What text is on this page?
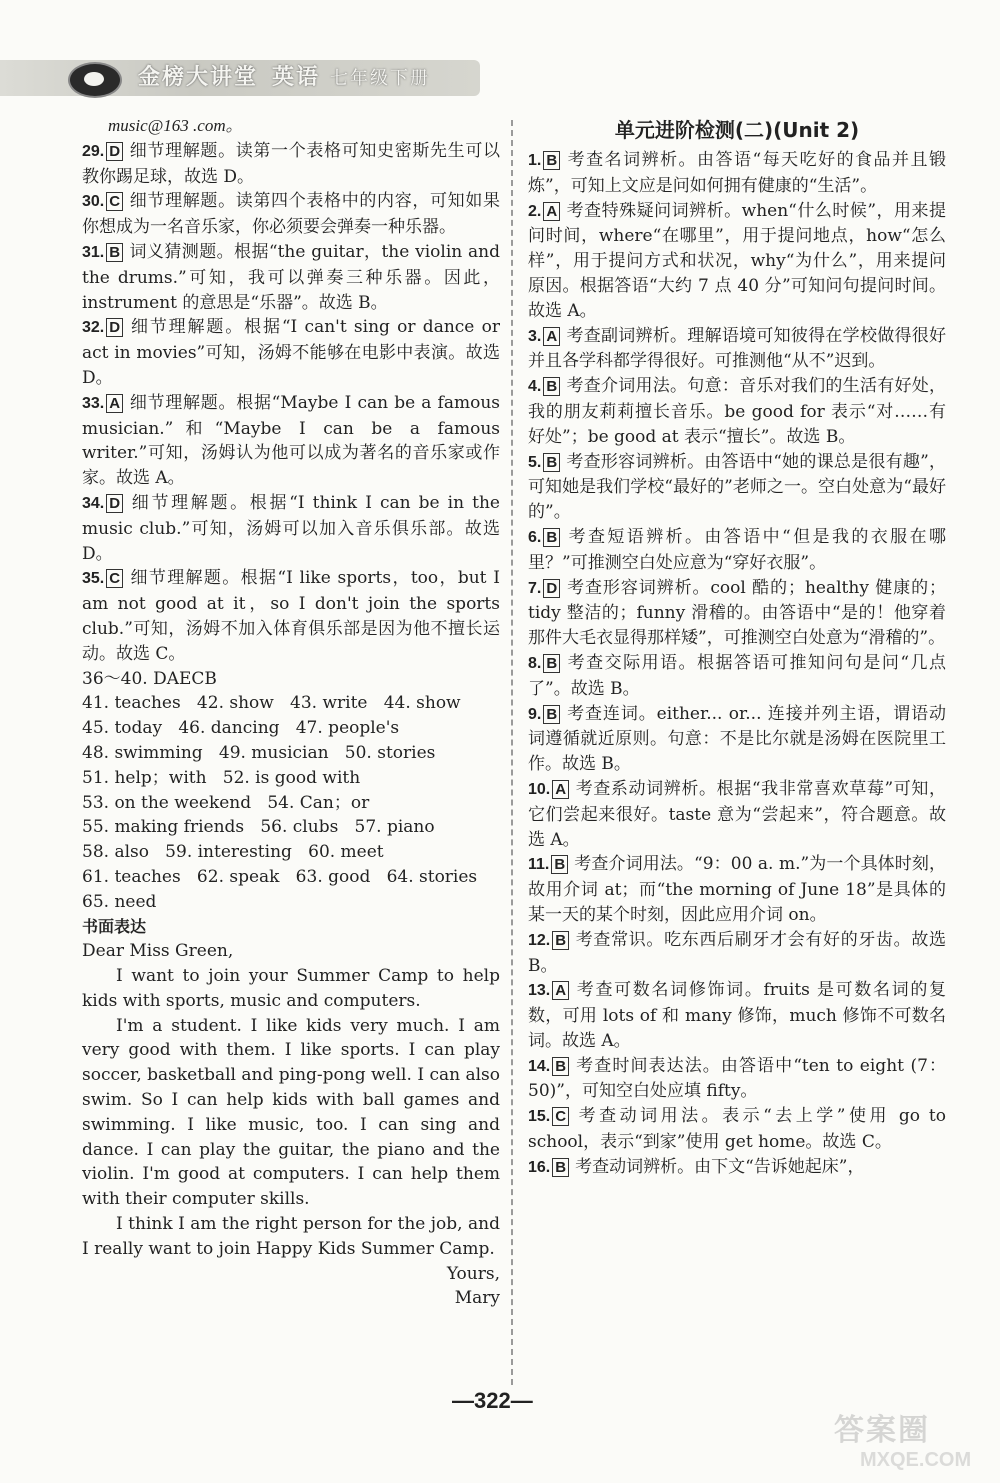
金榜大讲堂 英语 七年级下册

music@163 .com。

29. D 细节理解题。读第一个表格可知史密斯先生可以教你踢足球，故选 D。

30. C 细节理解题。读第四个表格中的内容，可知如果你想成为一名音乐家，你必须要会弹奏一种乐器。

31. B 词义猜测题。根据“the guitar，the violin and the drums.”可知，我可以弹奏三种乐器。因此，instrument 的意思是“乐器”。故选 B。

32. D 细节理解题。根据“I can't sing or dance or act in movies”可知，汤姆不能够在电影中表演。故选 D。

33. A 细节理解题。根据“Maybe I can be a famous musician.”和“Maybe I can be a famous writer.”可知，汤姆认为他可以成为著名的音乐家或作家。故选 A。

34. D 细节理解题。根据“I think I can be in the music club.”可知，汤姆可以加入音乐俱乐部。故选 D。

35. C 细节理解题。根据“I like sports，too，but I am not good at it，so I don't join the sports club.”可知，汤姆不加入体育俱乐部是因为他不擅长运动。故选 C。

36～40. DAECB

41. teaches   42. show   43. write   44. show

45. today   46. dancing   47. people's

48. swimming   49. musician   50. stories

51. help；with   52. is good with

53. on the weekend   54. Can；or

55. making friends   56. clubs   57. piano

58. also   59. interesting   60. meet

61. teaches   62. speak   63. good   64. stories

65. need

书面表达

Dear Miss Green,

I want to join your Summer Camp to help kids with sports, music and computers.

I'm a student. I like kids very much. I am very good with them. I like sports. I can play soccer, basketball and ping-pong well. I can also swim. So I can help kids with ball games and swimming. I like music, too. I can sing and dance. I can play the guitar, the piano and the violin. I'm good at computers. I can help them with their computer skills.

I think I am the right person for the job, and I really want to join Happy Kids Summer Camp.

Yours,

Mary

单元进阶检测(二)(Unit 2)

1. B 考查名词辨析。由答语“每天吃好的食品并且锻炼”，可知上文应是问如何拥有健康的“生活”。

2. A 考查特殊疑问词辨析。when“什么时候”，用来提问时间，where“在哪里”，用于提问地点，how“怎么样”，用于提问方式和状况，why“为什么”，用来提问原因。根据答语“大约 7 点 40 分”可知问句提问时间。故选 A。

3. A 考查副词辨析。理解语境可知彼得在学校做得很好并且各学科都学得很好。可推测他“从不”迟到。

4. B 考查介词用法。句意：音乐对我们的生活有好处，我的朋友莉莉擅长音乐。be good for 表示“对……有好处”；be good at 表示“擅长”。故选 B。

5. B 考查形容词辨析。由答语中“她的课总是很有趣”，可知她是我们学校“最好的”老师之一。空白处意为“最好的”。

6. B 考查短语辨析。由答语中“但是我的衣服在哪里？”可推测空白处应意为“穿好衣服”。

7. D 考查形容词辨析。cool 酷的；healthy 健康的；tidy 整洁的；funny 滑稽的。由答语中“是的！他穿着那件大毛衣显得那样矮”，可推测空白处意为“滑稽的”。

8. B 考查交际用语。根据答语可推知问句是问“几点了”。故选 B。

9. B 考查连词。either... or... 连接并列主语，谓语动词遵循就近原则。句意：不是比尔就是汤姆在医院里工作。故选 B。

10. A 考查系动词辨析。根据“我非常喜欢草莓”可知，它们尝起来很好。taste 意为“尝起来”，符合题意。故选 A。

11. B 考查介词用法。“9：00 a. m.”为一个具体时刻，故用介词 at；而“the morning of June 18”是具体的某一天的某个时刻，因此应用介词 on。

12. B 考查常识。吃东西后刷牙才会有好的牙齿。故选 B。

13. A 考查可数名词修饰词。fruits 是可数名词的复数，可用 lots of 和 many 修饰，much 修饰不可数名词。故选 A。

14. B 考查时间表达法。由答语中“ten to eight (7：50)”，可知空白处应填 fifty。

15. C 考查动词用法。表示“去上学”使用 go to school，表示“到家”使用 get home。故选 C。

16. B 考查动词辨析。由下文“告诉她起床”，

—322—
答案圈
MXQE.COM
